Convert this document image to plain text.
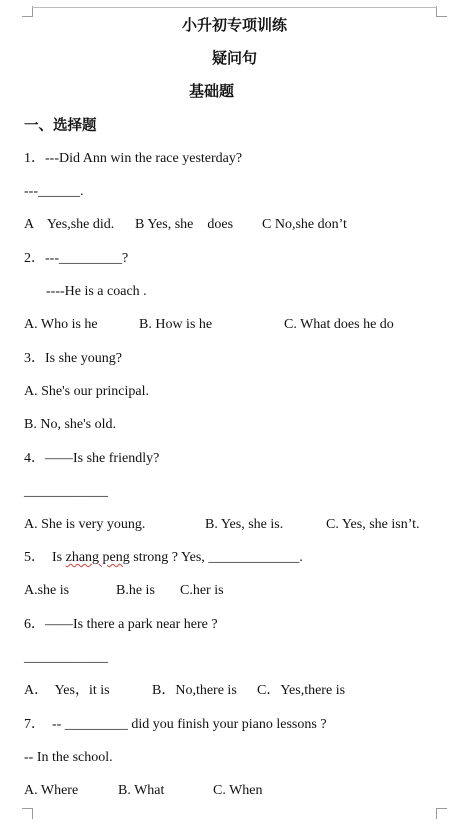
小升初专项训练
疑问句
基础题
一、选择题
1．---Did Ann win the race yesterday?
---______.
A    Yes,she did. B Yes, she    does C No,she don’t
2．---_________?
----He is a coach .
A. Who is he	B. How is he	C. What does he do
3．Is she young?
A. She's our principal.
B. No, she's old.
4．——Is she friendly?
____________
A. She is very young.	B. Yes, she is.	C. Yes, she isn’t.
5．  Is zhang peng strong ? Yes, _____________.
A.she is	B.he is C.her is
6．——Is there a park near here ?
____________
A．  Yes，it is	B．No,there is C．Yes,there is
7．  -- _________ did you finish your piano lessons ?
-- In the school.
A. Where	B. What	C. When
